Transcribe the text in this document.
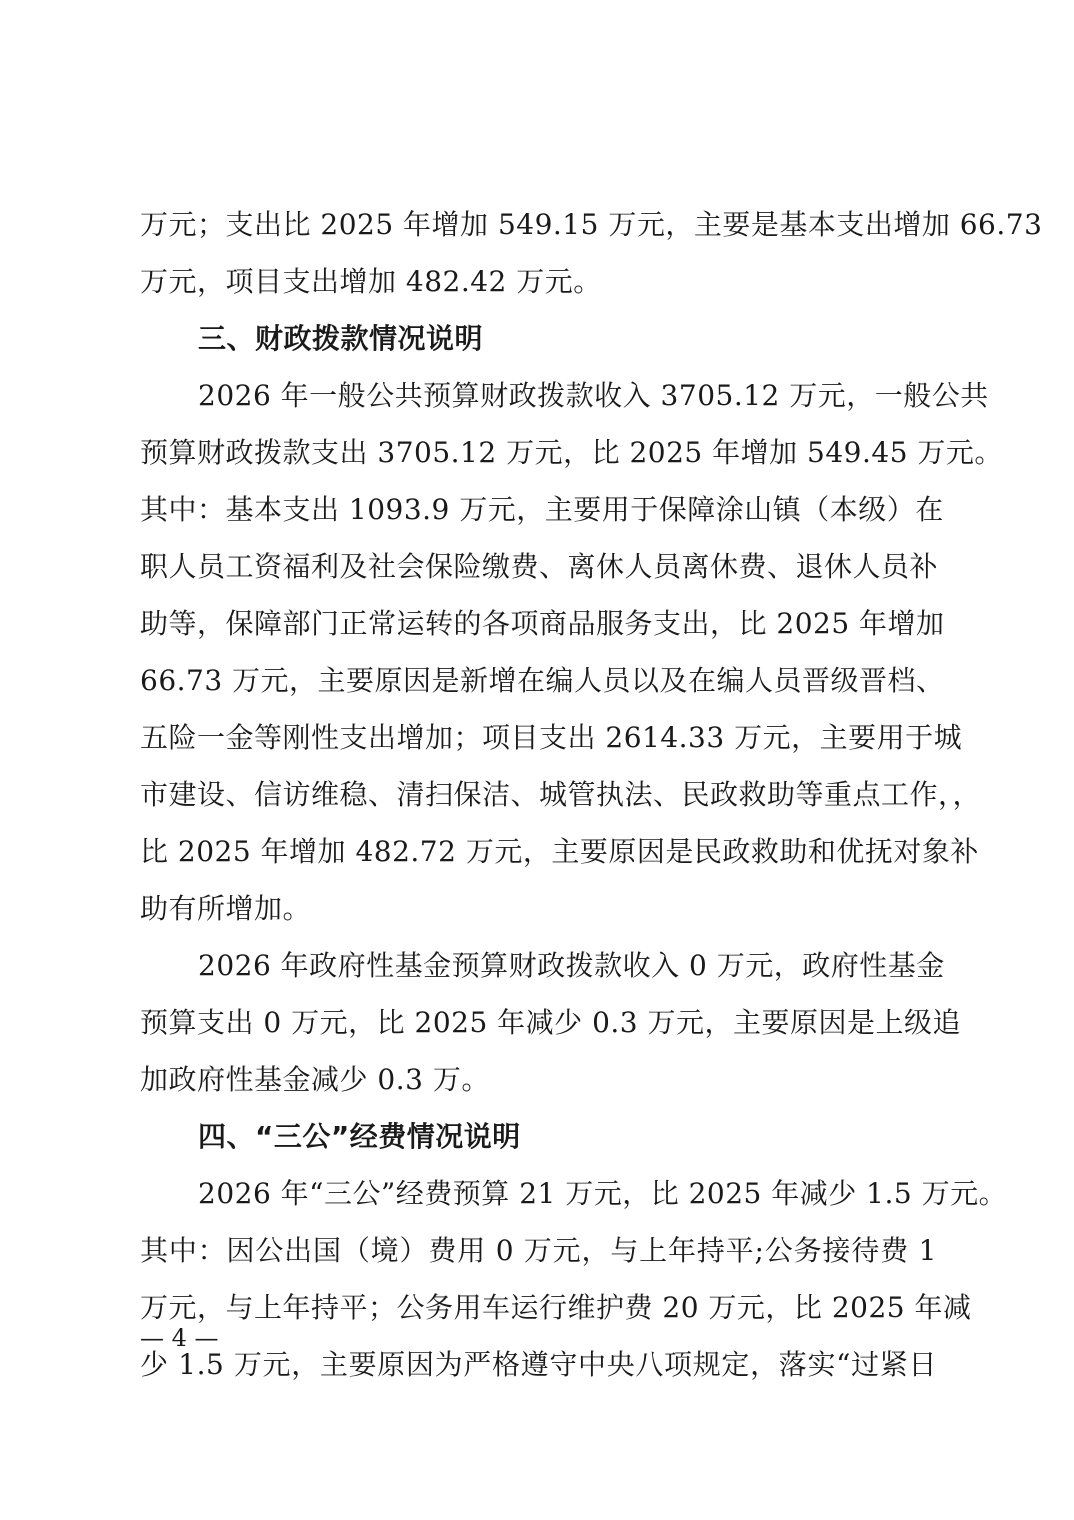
万元；支出比 2025 年增加 549.15 万元，主要是基本支出增加 66.73
万元，项目支出增加 482.42 万元。
三、财政拨款情况说明
2026 年一般公共预算财政拨款收入 3705.12 万元，一般公共
预算财政拨款支出 3705.12 万元，比 2025 年增加 549.45 万元。
其中：基本支出 1093.9 万元，主要用于保障涂山镇（本级）在
职人员工资福利及社会保险缴费、离休人员离休费、退休人员补
助等，保障部门正常运转的各项商品服务支出，比 2025 年增加
66.73 万元，主要原因是新增在编人员以及在编人员晋级晋档、
五险一金等刚性支出增加；项目支出 2614.33 万元，主要用于城
市建设、信访维稳、清扫保洁、城管执法、民政救助等重点工作，，
比 2025 年增加 482.72 万元，主要原因是民政救助和优抚对象补
助有所增加。
2026 年政府性基金预算财政拨款收入 0 万元，政府性基金
预算支出 0 万元，比 2025 年减少 0.3 万元，主要原因是上级追
加政府性基金减少 0.3 万。
四、“三公”经费情况说明
2026 年“三公”经费预算 21 万元，比 2025 年减少 1.5 万元。
其中：因公出国（境）费用 0 万元，与上年持平;公务接待费 1
万元，与上年持平；公务用车运行维护费 20 万元，比 2025 年减
少 1.5 万元，主要原因为严格遵守中央八项规定，落实“过紧日
— 4 —
